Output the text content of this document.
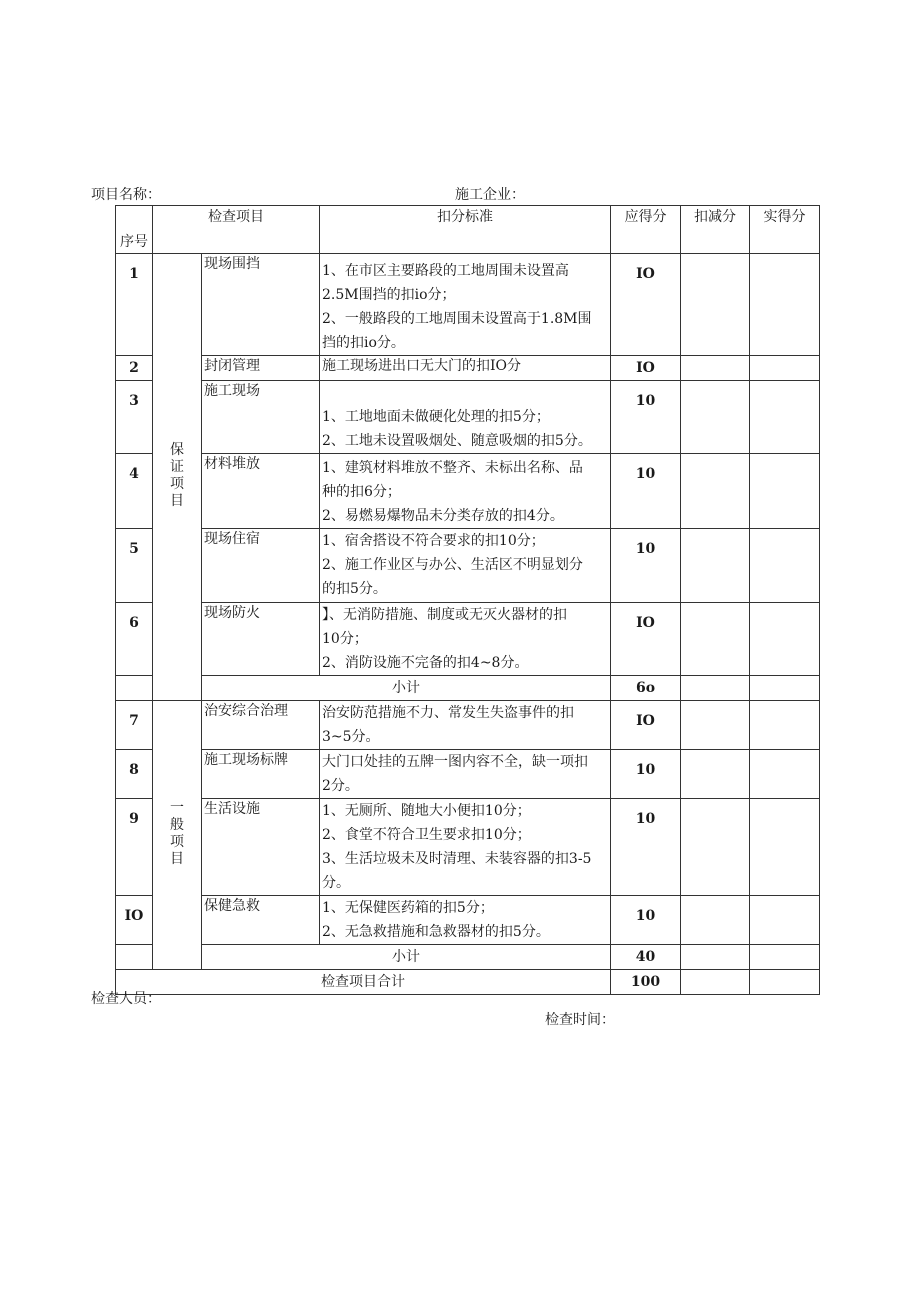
项目名称：	施工企业：
序号	检查项目		扣分标准	应得分	扣减分	实得分
1	保证项目	现场围挡	1、在市区主要路段的工地周围未设置高
2.5M围挡的扣io分；
2、一般路段的工地周围未设置高于1.8M围
挡的扣io分。	IO		
2		封闭管理	施工现场进出口无大门的扣IO分	IO		
3		施工现场	1、工地地面未做硬化处理的扣5分；
2、工地未设置吸烟处、随意吸烟的扣5分。	10		
4		材料堆放	1、建筑材料堆放不整齐、未标出名称、品
种的扣6分；
2、易燃易爆物品未分类存放的扣4分。	10		
5		现场住宿	1、宿舍搭设不符合要求的扣10分；
2、施工作业区与办公、生活区不明显划分
的扣5分。	10		
6		现场防火	】、无消防措施、制度或无灭火器材的扣
10分；
2、消防设施不完备的扣4~8分。	IO		
		小计		6o		
7	一般项目	治安综合治理	治安防范措施不力、常发生失盗事件的扣
3~5分。	IO		
8		施工现场标牌	大门口处挂的五牌一图内容不全，缺一项扣
2分。	10		
9		生活设施	1、无厕所、随地大小便扣10分；
2、食堂不符合卫生要求扣10分；
3、生活垃圾未及时清理、未装容器的扣3-5
分。	10		
IO		保健急救	1、无保健医药箱的扣5分；
2、无急救措施和急救器材的扣5分。	10		
		小计		40		
检查项目合计				100		
检查人员：
检查时间：
